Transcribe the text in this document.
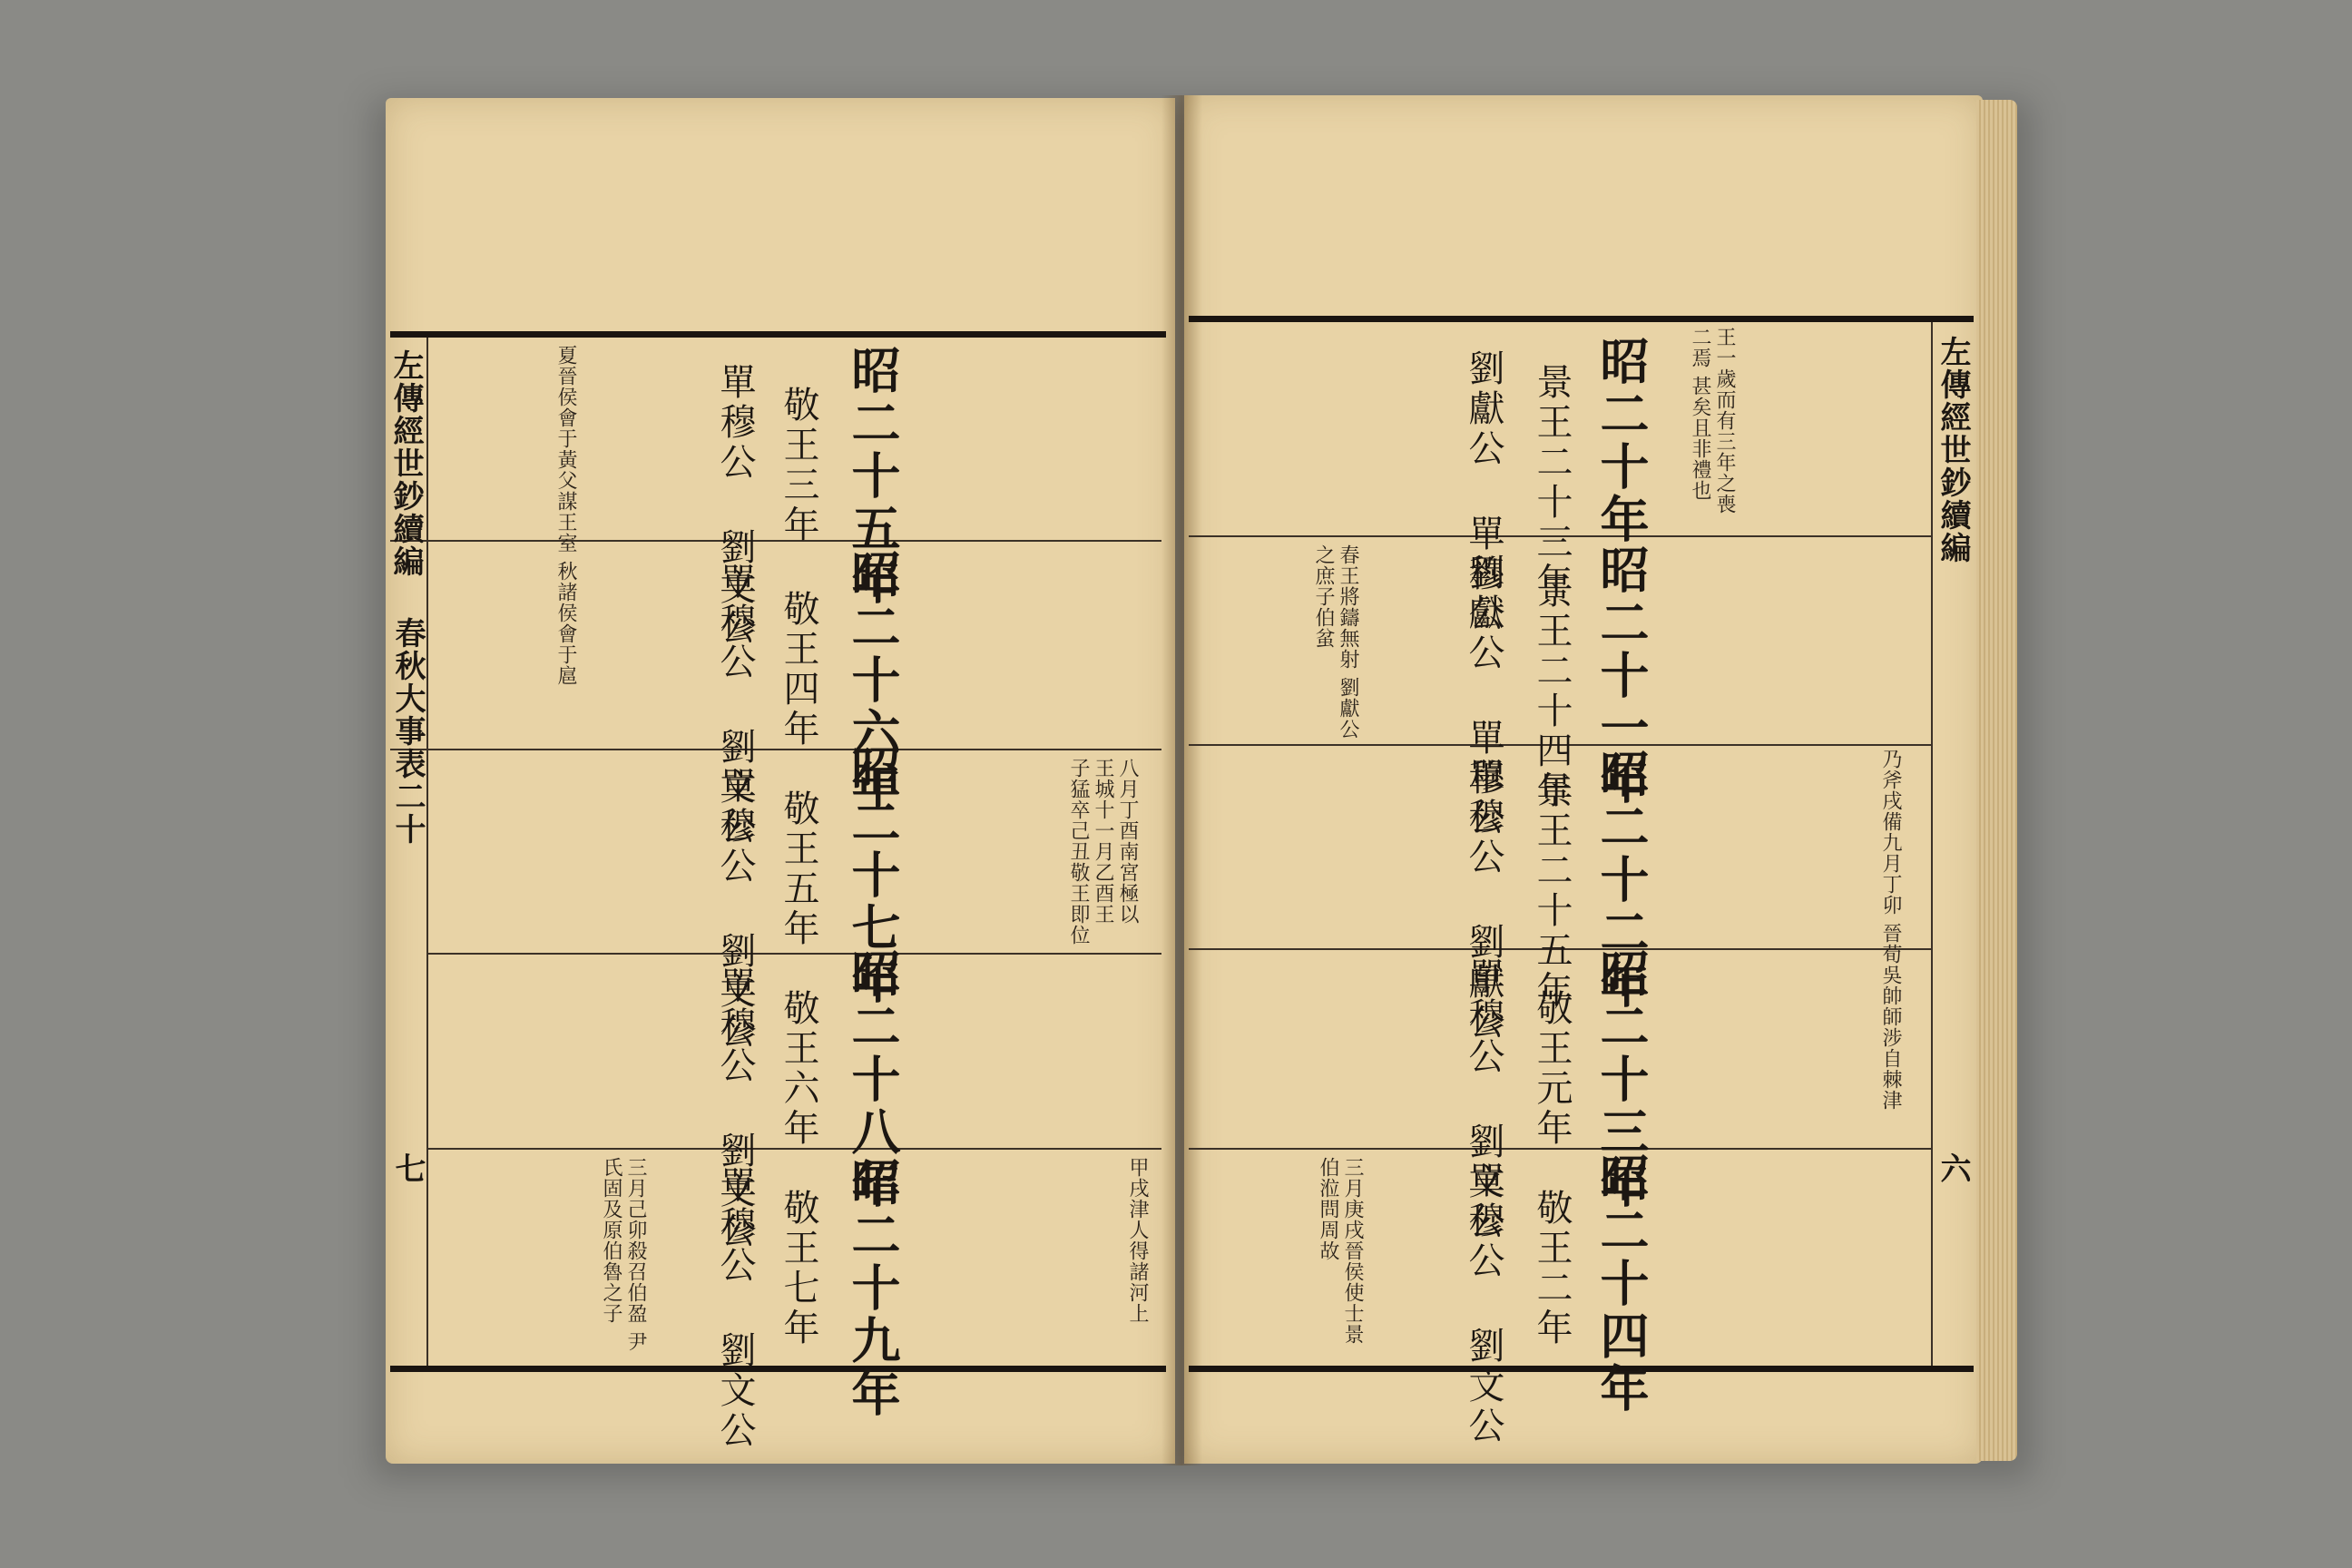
左傳經世鈔續編
春秋大事表二十
七
昭二十五年
昭二十六年
昭二十七年
昭二十八年
昭二十九年
敬王三年
敬王四年
敬王五年
敬王六年
敬王七年
單穆公 劉文公
單穆公 劉文公
單穆公 劉文公
單穆公 劉文公
單穆公 劉文公
夏晉侯會于黃父謀王室 秋諸侯會于扈
八月丁酉南宮極以 王城十一月乙酉王 子猛卒己丑敬王即位
三月己卯殺召伯盈 尹氏固及原伯魯之子	甲戌津人得諸河上
左傳經世鈔續編
六
昭二十年
昭二十一年
昭二十二年
昭二十三年
昭二十四年
景王二十三年
景王二十四年
景王二十五年
敬王元年
敬王二年
劉獻公 單穆公
劉獻公 單穆公
單穆公 劉獻公
單穆公 劉文公
單穆公 劉文公
王一歲而有三年之喪二焉 甚矣且非禮也
春王將鑄無射 劉獻公之庶子伯蚠
三月庚戌晉侯使士景伯涖問周故
乃斧戌備九月丁卯 晉荀吳帥師涉自棘津
